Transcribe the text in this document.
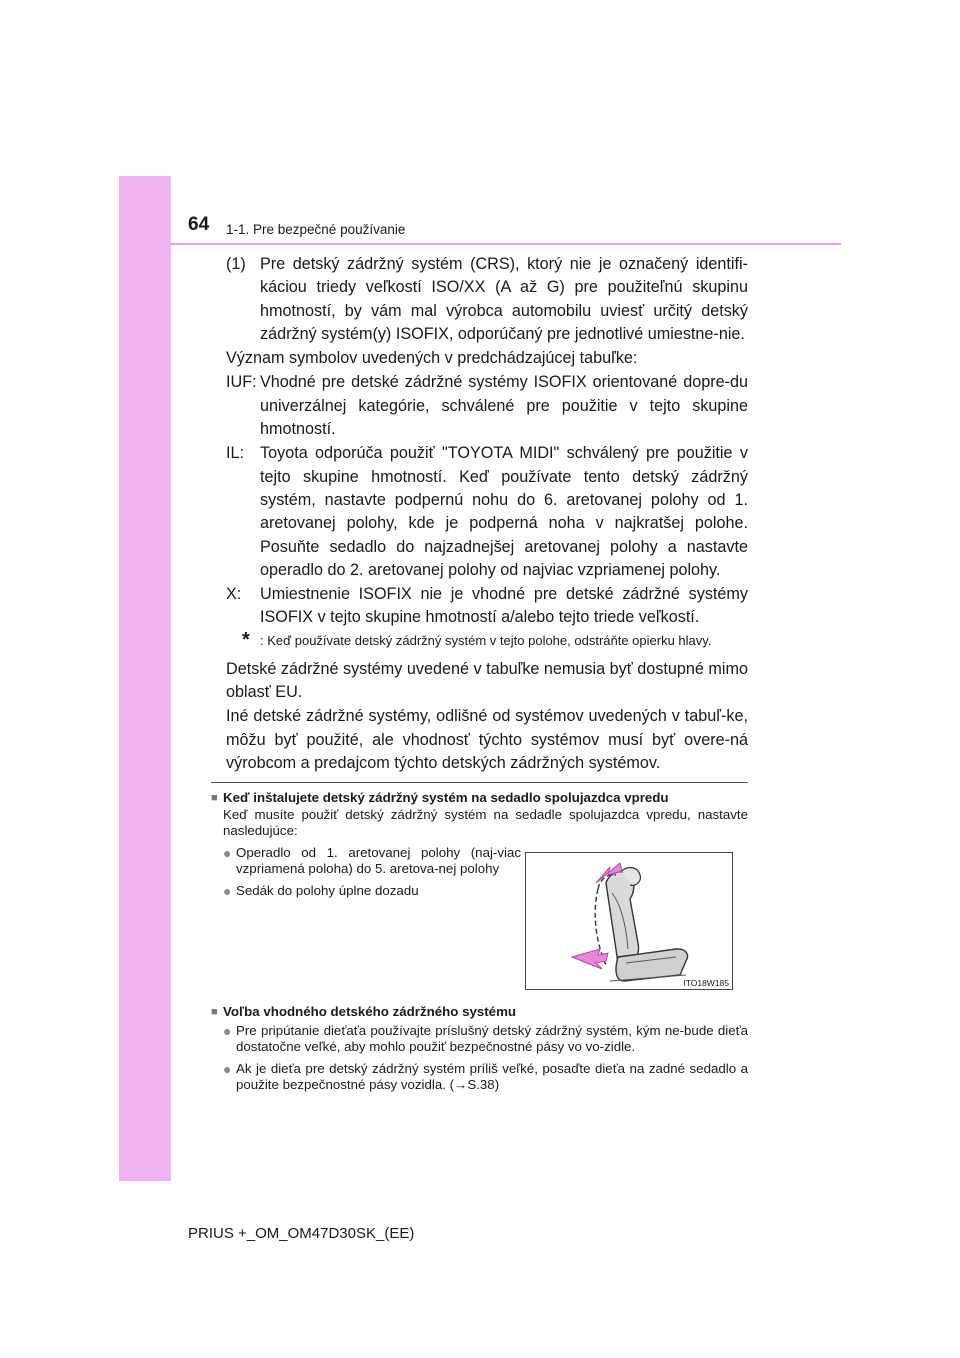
64 1-1. Pre bezpečné používanie
(1) Pre detský zádržný systém (CRS), ktorý nie je označený identifi-káciou triedy veľkostí ISO/XX (A až G) pre použiteľnú skupinu hmotností, by vám mal výrobca automobilu uviesť určitý detský zádržný systém(y) ISOFIX, odporúčaný pre jednotlivé umiestne-nie.
Význam symbolov uvedených v predchádzajúcej tabuľke:
IUF: Vhodné pre detské zádržné systémy ISOFIX orientované dopre-du univerzálnej kategórie, schválené pre použitie v tejto skupine hmotností.
IL: Toyota odporúča použiť "TOYOTA MIDI" schválený pre použitie v tejto skupine hmotností. Keď používate tento detský zádržný systém, nastavte podpernú nohu do 6. aretovanej polohy od 1. aretovanej polohy, kde je podperná noha v najkratšej polohe. Posuňte sedadlo do najzadnejšej aretovanej polohy a nastavte operadlo do 2. aretovanej polohy od najviac vzpriamenej polohy.
X:	Umiestnenie ISOFIX nie je vhodné pre detské zádržné systémy ISOFIX v tejto skupine hmotností a/alebo tejto triede veľkostí.
* : Keď používate detský zádržný systém v tejto polohe, odstráňte opierku hlavy.
Detské zádržné systémy uvedené v tabuľke nemusia byť dostupné mimo oblasť EU.
Iné detské zádržné systémy, odlišné od systémov uvedených v tabuľ-ke, môžu byť použité, ale vhodnosť týchto systémov musí byť overe-ná výrobcom a predajcom týchto detských zádržných systémov.
■ Keď inštalujete detský zádržný systém na sedadlo spolujazdca vpredu
Keď musíte použiť detský zádržný systém na sedadle spolujazdca vpredu, nastavte nasledujúce:
● Operadlo od 1. aretovanej polohy (naj-viac vzpriamená poloha) do 5. aretova-nej polohy
● Sedák do polohy úplne dozadu
ITO18W185
■ Voľba vhodného detského zádržného systému
● Pre pripútanie dieťaťa používajte príslušný detský zádržný systém, kým ne-bude dieťa dostatočne veľké, aby mohlo použiť bezpečnostné pásy vo vo-zidle.
● Ak je dieťa pre detský zádržný systém príliš veľké, posaďte dieťa na zadné sedadlo a použite bezpečnostné pásy vozidla. (→S.38)
PRIUS +_OM_OM47D30SK_(EE)
